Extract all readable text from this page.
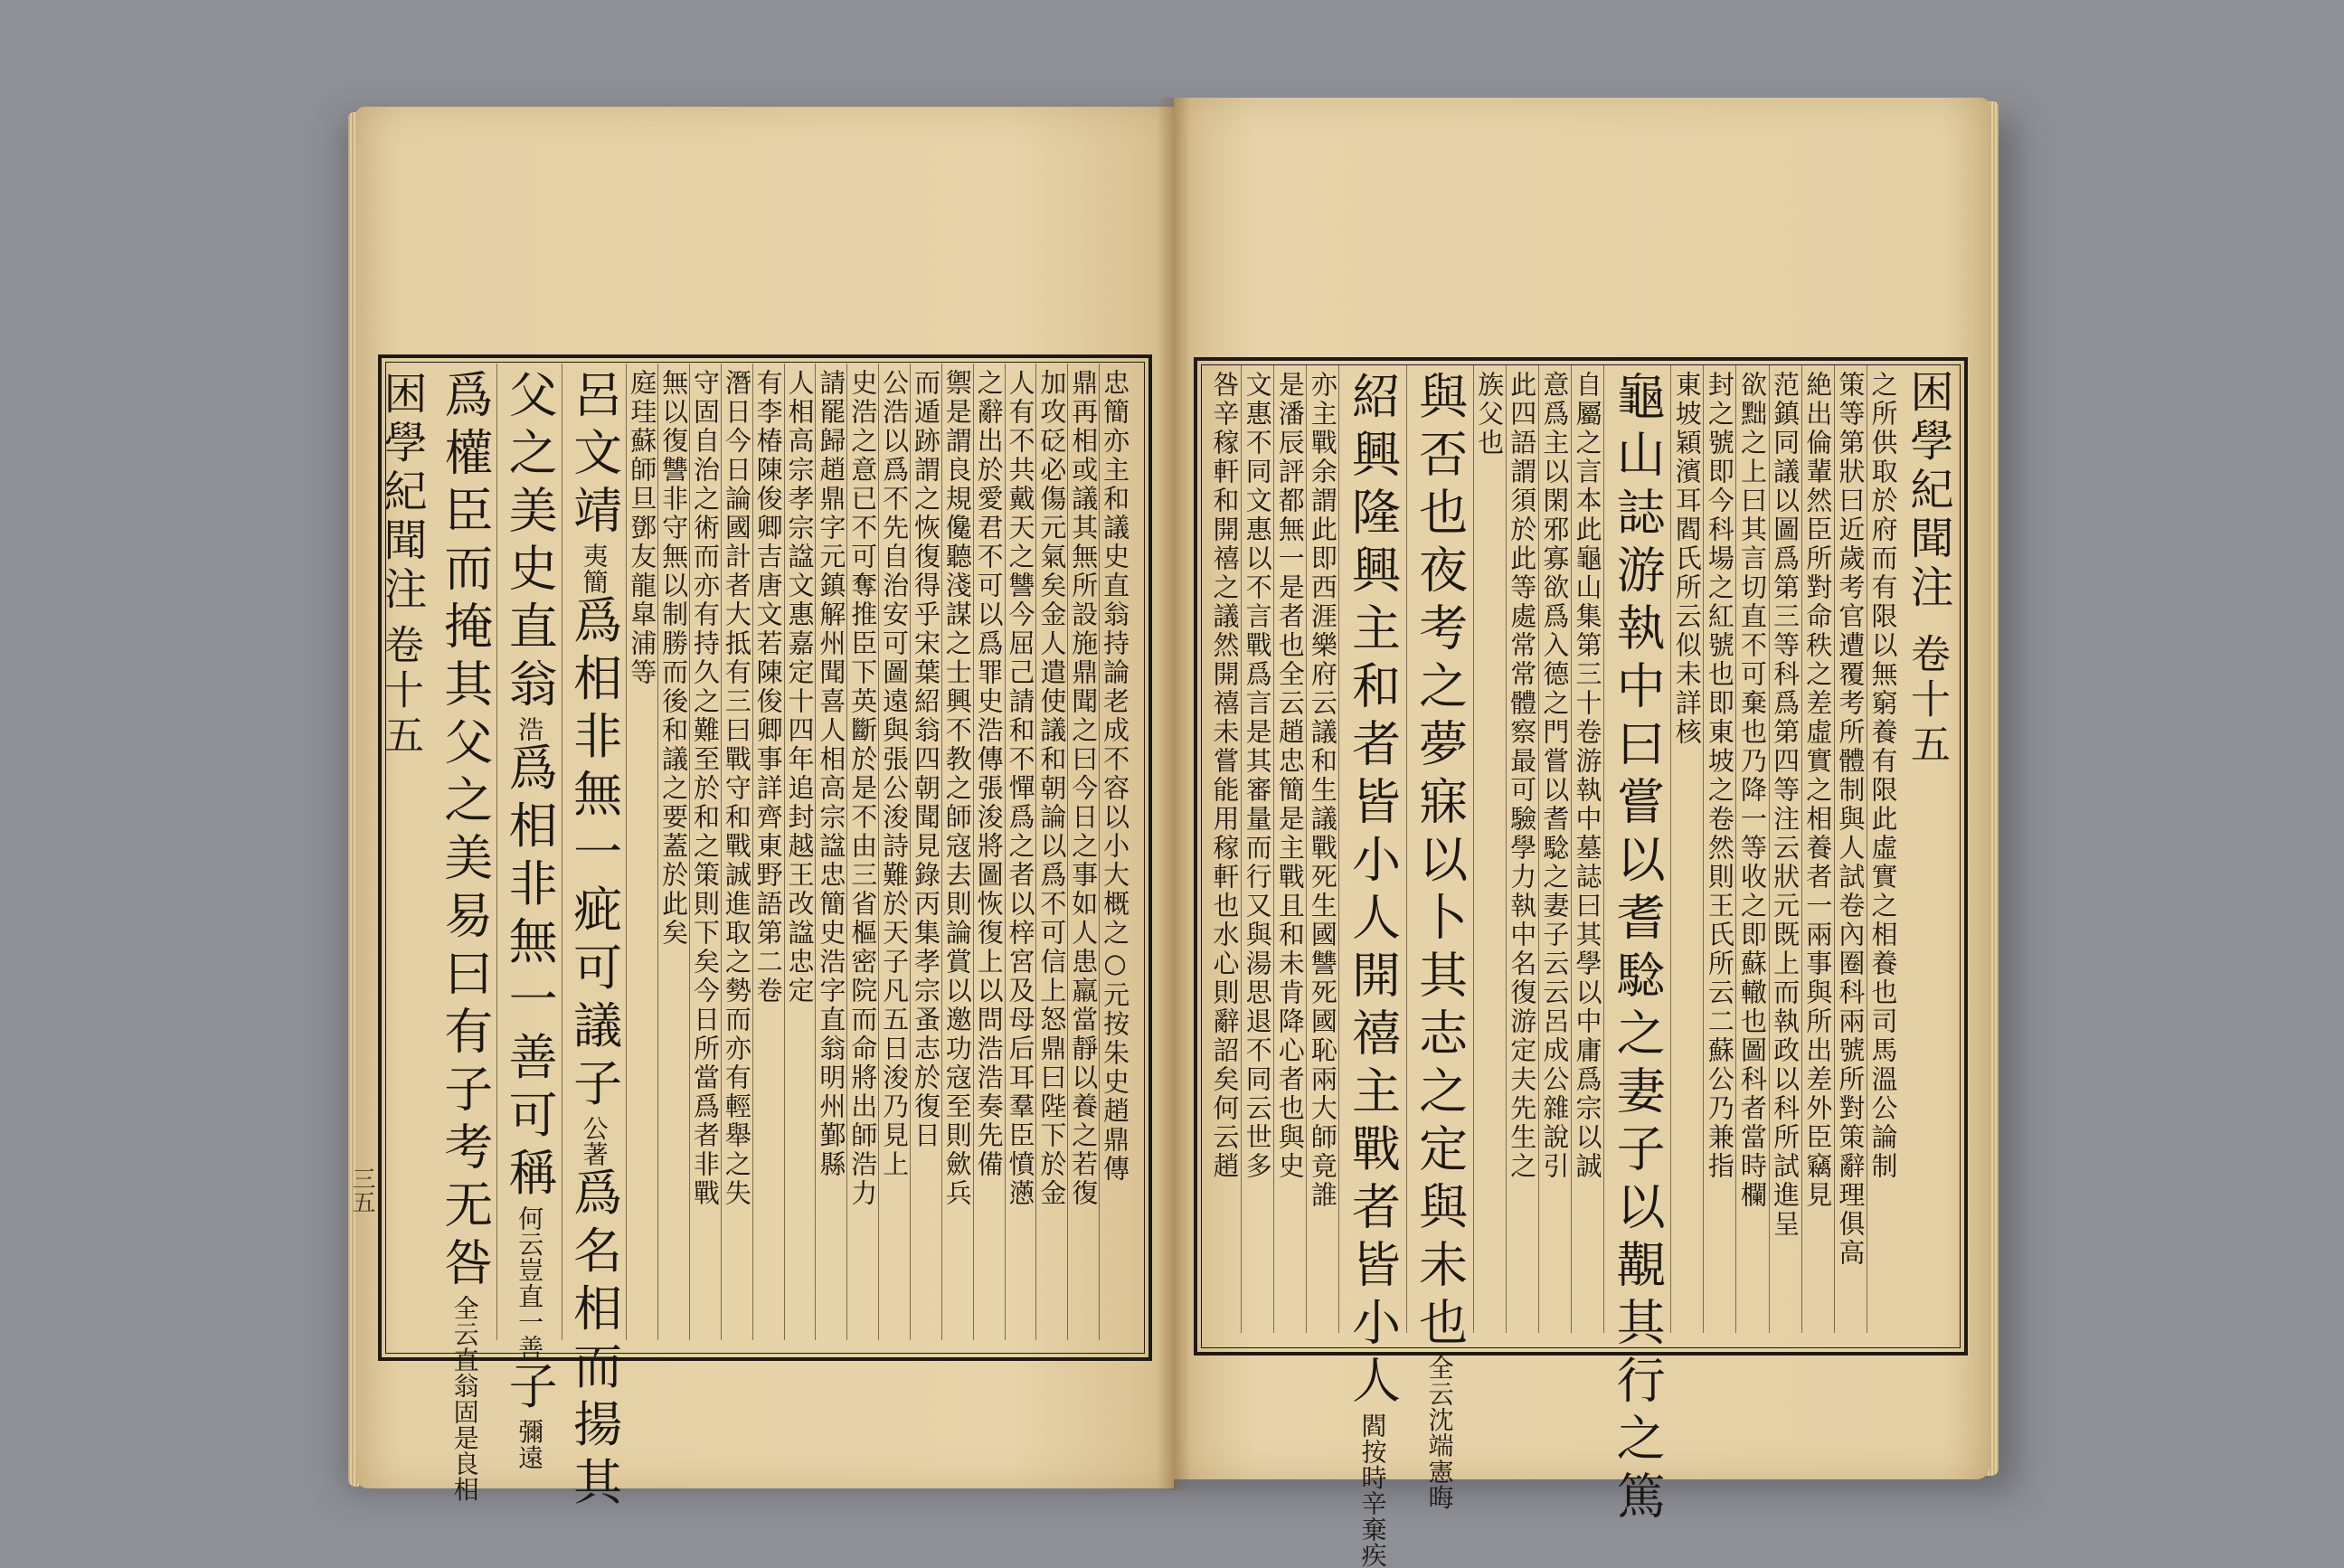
忠簡亦主和議史直翁持論老成不容以小大概之○元按朱史趙鼎傳
鼎再相或議其無所設施鼎聞之曰今日之事如人患羸當靜以養之若復
加攻砭必傷元氣矣金人遣使議和朝論以爲不可信上怒鼎曰陛下於金
人有不共戴天之讐今屈己請和不憚爲之者以梓宮及母后耳羣臣憤懣
之辭出於愛君不可以爲罪史浩傳張浚將圖恢復上以問浩浩奏先備
禦是謂良規儳聽淺謀之士興不教之師寇去則論賞以邀功寇至則歛兵
而遁跡謂之恢復得乎宋葉紹翁四朝聞見錄丙集孝宗蚤志於復日
公浩以爲不先自治安可圖遠與張公浚詩難於天子凡五日浚乃見上
史浩之意已不可奪推臣下英斷於是不由三省樞密院而命將出師浩力
請罷歸趙鼎字元鎮解州聞喜人相高宗諡忠簡史浩字直翁明州鄞縣
人相高宗孝宗諡文惠嘉定十四年追封越王改諡忠定
有李椿陳俊卿吉唐文若陳俊卿事詳齊東野語第二卷
潛日今日論國計者大抵有三曰戰守和戰誠進取之勢而亦有輕舉之失
守固自治之術而亦有持久之難至於和之策則下矣今日所當爲者非戰
無以復讐非守無以制勝而後和議之要蓋於此矣
庭珪蘇師旦鄧友龍皐浦等
呂文靖夷簡爲相非無一疵可議子公著爲名相而揚其
父之美史直翁浩爲相非無一善可稱何云豈直一善子彌遠
爲權臣而掩其父之美易曰有子考无咎全云直翁固是良相
困學紀聞注
卷十五
三五
之所供取於府而有限以無窮養有限此虛實之相養也司馬溫公論制
策等第狀曰近歲考官遭覆考所體制與人試卷內圈科兩號所對策辭理俱高
絶出倫輩然臣所對命秩之差虛實之相養者一兩事與所出差外臣竊見
范鎮同議以圖爲第三等科爲第四等注云狀元既上而執政以科所試進呈
欲黜之上曰其言切直不可棄也乃降一等收之即蘇轍也圖科者當時欄
封之號即今科場之紅號也即東坡之卷然則王氏所云二蘇公乃兼指
東坡穎濱耳閻氏所云似未詳核
龜山誌游執中曰嘗以耆騐之妻子以覯其行之篤
自屬之言本此龜山集第三十卷游執中墓誌曰其學以中庸爲宗以誠
意爲主以閑邪寡欲爲入德之門嘗以耆騐之妻子云云呂成公雜說引
此四語謂須於此等處常常體察最可驗學力執中名復游定夫先生之
族父也
與否也夜考之夢寐以卜其志之定與未也全云沈端憲晦
紹興隆興主和者皆小人開禧主戰者皆小人閻按時辛棄疾
亦主戰余謂此即西涯樂府云議和生議戰死生國讐死國恥兩大師竟誰
是潘辰評都無一是者也全云趙忠簡是主戰且和未肯降心者也與史
文惠不同文惠以不言戰爲言是其審量而行又與湯思退不同云世多
咎辛稼軒和開禧之議然開禧未嘗能用稼軒也水心則辭詔矣何云趙	困學紀聞注
卷十五
